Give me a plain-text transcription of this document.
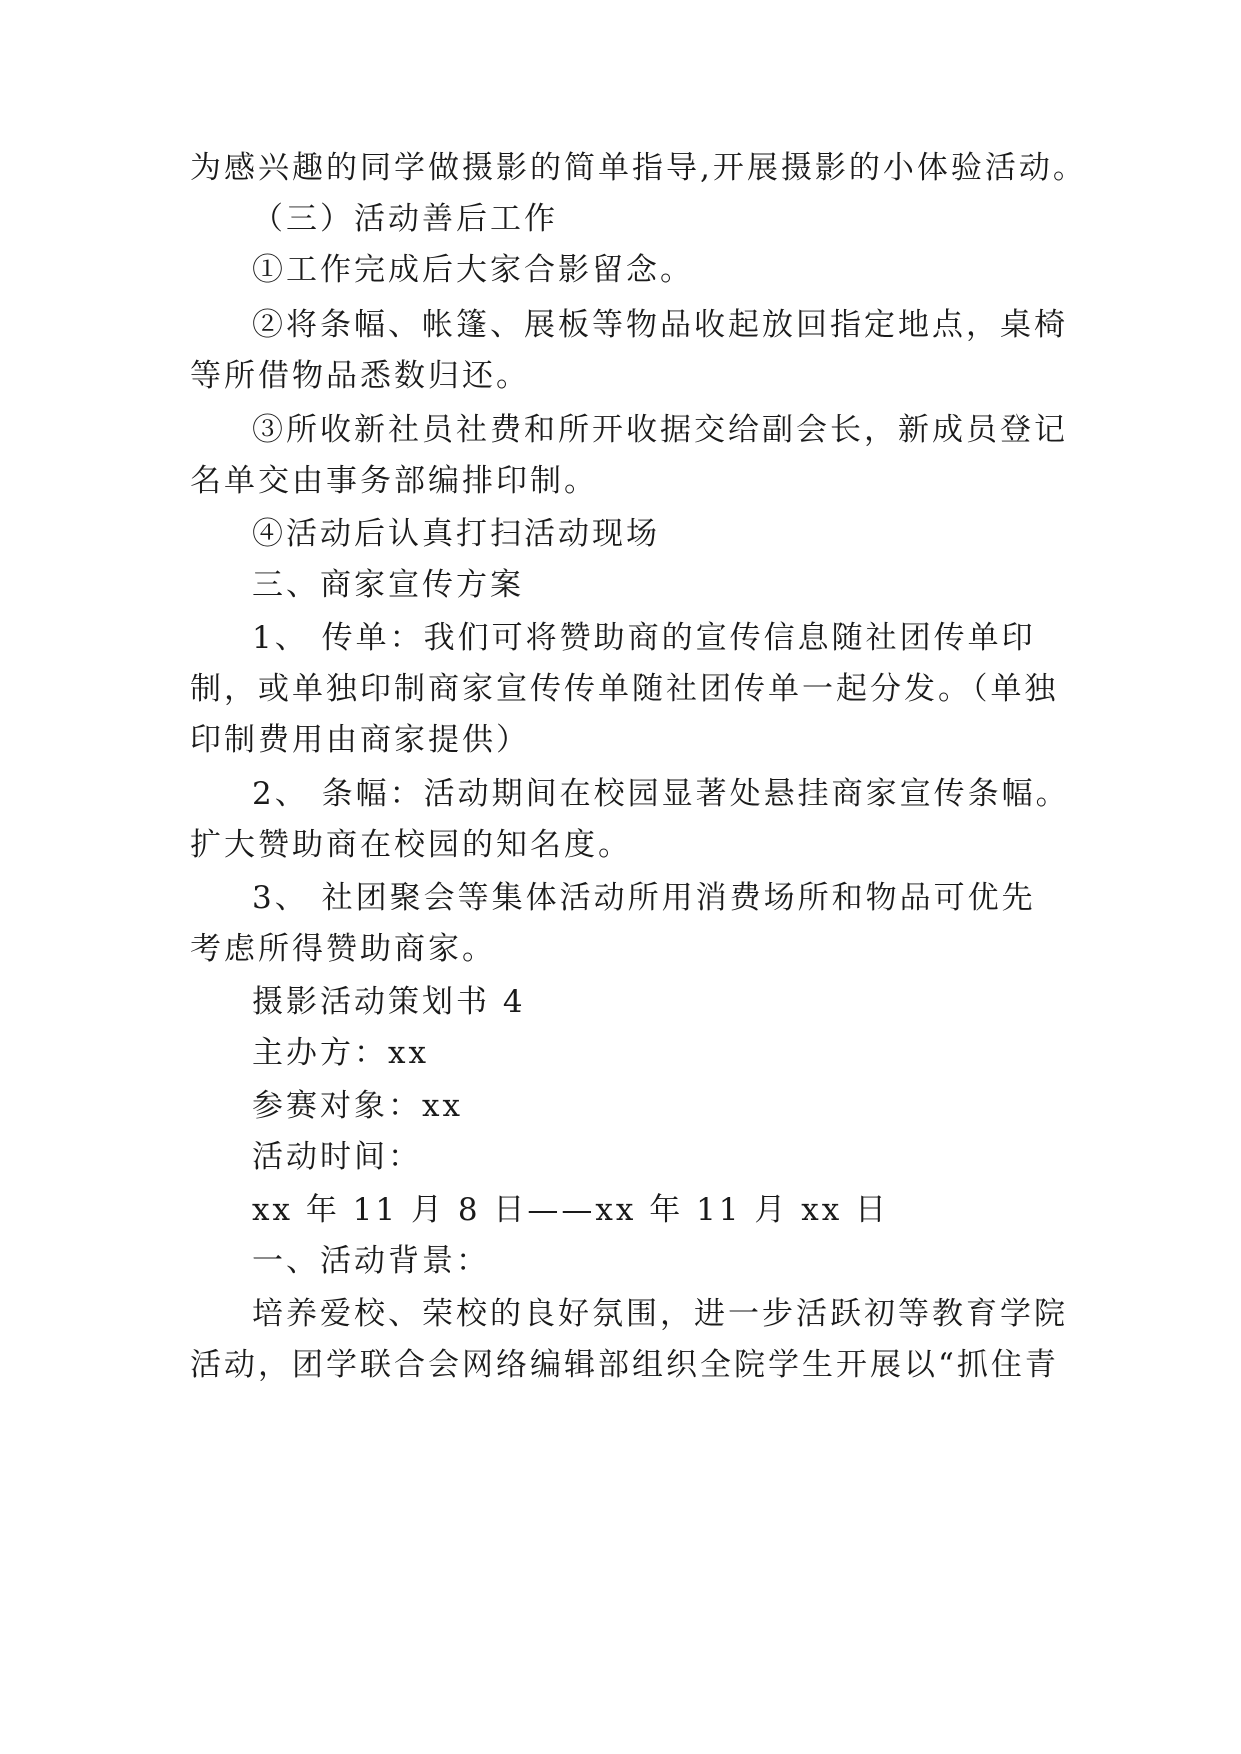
为感兴趣的同学做摄影的简单指导,开展摄影的小体验活动。
（三）活动善后工作
①工作完成后大家合影留念。
②将条幅、帐篷、展板等物品收起放回指定地点，桌椅
等所借物品悉数归还。
③所收新社员社费和所开收据交给副会长，新成员登记
名单交由事务部编排印制。
④活动后认真打扫活动现场
三、商家宣传方案
1、 传单：我们可将赞助商的宣传信息随社团传单印
制，或单独印制商家宣传传单随社团传单一起分发。（单独
印制费用由商家提供）
2、 条幅：活动期间在校园显著处悬挂商家宣传条幅。
扩大赞助商在校园的知名度。
3、 社团聚会等集体活动所用消费场所和物品可优先
考虑所得赞助商家。
摄影活动策划书 4
主办方：xx
参赛对象：xx
活动时间：
xx 年 11 月 8 日——xx 年 11 月 xx 日
一、活动背景：
培养爱校、荣校的良好氛围，进一步活跃初等教育学院
活动，团学联合会网络编辑部组织全院学生开展以“抓住青
